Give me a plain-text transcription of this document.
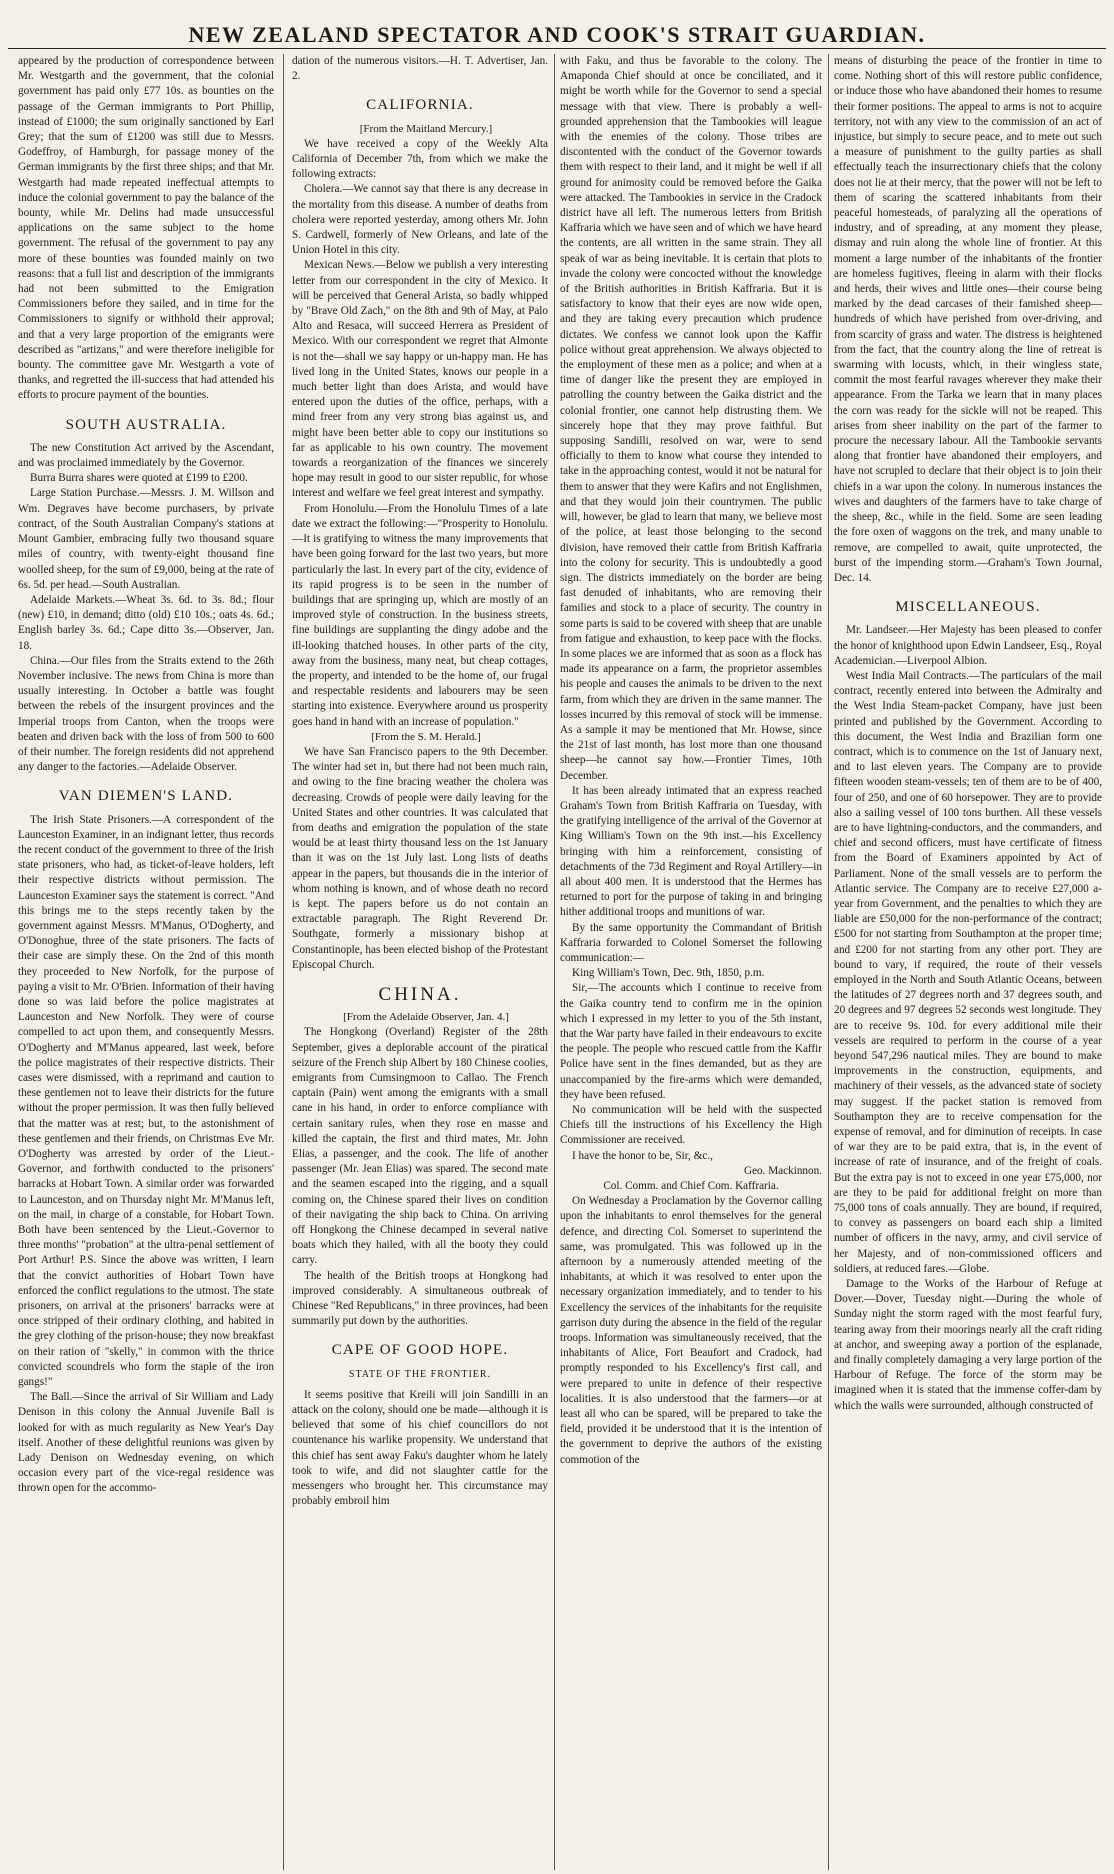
NEW ZEALAND SPECTATOR AND COOK'S STRAIT GUARDIAN.

appeared by the production of correspondence between Mr. Westgarth and the government, that the colonial government has paid only £77 10s. as bounties on the passage of the German immigrants to Port Phillip, instead of £1000; the sum originally sanctioned by Earl Grey; that the sum of £1200 was still due to Messrs. Godeffroy, of Hamburgh, for passage money of the German immigrants by the first three ships; and that Mr. Westgarth had made repeated ineffectual attempts to induce the colonial government to pay the balance of the bounty, while Mr. Delins had made unsuccessful applications on the same subject to the home government. The refusal of the government to pay any more of these bounties was founded mainly on two reasons: that a full list and description of the immigrants had not been submitted to the Emigration Commissioners before they sailed, and in time for the Commissioners to signify or withhold their approval; and that a very large proportion of the emigrants were described as "artizans," and were therefore ineligible for bounty. The committee gave Mr. Westgarth a vote of thanks, and regretted the ill-success that had attended his efforts to procure payment of the bounties.

SOUTH AUSTRALIA.

The new Constitution Act arrived by the Ascendant, and was proclaimed immediately by the Governor.

Burra Burra shares were quoted at £199 to £200.

Large Station Purchase.—Messrs. J. M. Willson and Wm. Degraves have become purchasers, by private contract, of the South Australian Company's stations at Mount Gambier, embracing fully two thousand square miles of country, with twenty-eight thousand fine woolled sheep, for the sum of £9,000, being at the rate of 6s. 5d. per head.—South Australian.

Adelaide Markets.—Wheat 3s. 6d. to 3s. 8d.; flour (new) £10, in demand; ditto (old) £10 10s.; oats 4s. 6d.; English barley 3s. 6d.; Cape ditto 3s.—Observer, Jan. 18.

China.—Our files from the Straits extend to the 26th November inclusive. The news from China is more than usually interesting. In October a battle was fought between the rebels of the insurgent provinces and the Imperial troops from Canton, when the troops were beaten and driven back with the loss of from 500 to 600 of their number. The foreign residents did not apprehend any danger to the factories.—Adelaide Observer.

VAN DIEMEN'S LAND.

The Irish State Prisoners.—A correspondent of the Launceston Examiner, in an indignant letter, thus records the recent conduct of the government to three of the Irish state prisoners, who had, as ticket-of-leave holders, left their respective districts without permission. The Launceston Examiner says the statement is correct. "And this brings me to the steps recently taken by the government against Messrs. M'Manus, O'Dogherty, and O'Donoghue, three of the state prisoners. The facts of their case are simply these. On the 2nd of this month they proceeded to New Norfolk, for the purpose of paying a visit to Mr. O'Brien. Information of their having done so was laid before the police magistrates at Launceston and New Norfolk. They were of course compelled to act upon them, and consequently Messrs. O'Dogherty and M'Manus appeared, last week, before the police magistrates of their respective districts. Their cases were dismissed, with a reprimand and caution to these gentlemen not to leave their districts for the future without the proper permission. It was then fully believed that the matter was at rest; but, to the astonishment of these gentlemen and their friends, on Christmas Eve Mr. O'Dogherty was arrested by order of the Lieut.-Governor, and forthwith conducted to the prisoners' barracks at Hobart Town. A similar order was forwarded to Launceston, and on Thursday night Mr. M'Manus left, on the mail, in charge of a constable, for Hobart Town. Both have been sentenced by the Lieut.-Governor to three months' "probation" at the ultra-penal settlement of Port Arthur! P.S. Since the above was written, I learn that the convict authorities of Hobart Town have enforced the conflict regulations to the utmost. The state prisoners, on arrival at the prisoners' barracks were at once stripped of their ordinary clothing, and habited in the grey clothing of the prison-house; they now breakfast on their ration of "skelly," in common with the thrice convicted scoundrels who form the staple of the iron gangs!"

The Ball.—Since the arrival of Sir William and Lady Denison in this colony the Annual Juvenile Ball is looked for with as much regularity as New Year's Day itself. Another of these delightful reunions was given by Lady Denison on Wednesday evening, on which occasion every part of the vice-regal residence was thrown open for the accommo-

dation of the numerous visitors.—H. T. Advertiser, Jan. 2.

CALIFORNIA.

[From the Maitland Mercury.]

We have received a copy of the Weekly Alta California of December 7th, from which we make the following extracts:

Cholera.—We cannot say that there is any decrease in the mortality from this disease. A number of deaths from cholera were reported yesterday, among others Mr. John S. Cardwell, formerly of New Orleans, and late of the Union Hotel in this city.

Mexican News.—Below we publish a very interesting letter from our correspondent in the city of Mexico. It will be perceived that General Arista, so badly whipped by "Brave Old Zach," on the 8th and 9th of May, at Palo Alto and Resaca, will succeed Herrera as President of Mexico. With our correspondent we regret that Almonte is not the—shall we say happy or un-happy man. He has lived long in the United States, knows our people in a much better light than does Arista, and would have entered upon the duties of the office, perhaps, with a mind freer from any very strong bias against us, and might have been better able to copy our institutions so far as applicable to his own country. The movement towards a reorganization of the finances we sincerely hope may result in good to our sister republic, for whose interest and welfare we feel great interest and sympathy.

From Honolulu.—From the Honolulu Times of a late date we extract the following:—"Prosperity to Honolulu.—It is gratifying to witness the many improvements that have been going forward for the last two years, but more particularly the last. In every part of the city, evidence of its rapid progress is to be seen in the number of buildings that are springing up, which are mostly of an improved style of construction. In the business streets, fine buildings are supplanting the dingy adobe and the ill-looking thatched houses. In other parts of the city, away from the business, many neat, but cheap cottages, the property, and intended to be the home of, our frugal and respectable residents and labourers may be seen starting into existence. Everywhere around us prosperity goes hand in hand with an increase of population."

[From the S. M. Herald.]

We have San Francisco papers to the 9th December. The winter had set in, but there had not been much rain, and owing to the fine bracing weather the cholera was decreasing. Crowds of people were daily leaving for the United States and other countries. It was calculated that from deaths and emigration the population of the state would be at least thirty thousand less on the 1st January than it was on the 1st July last. Long lists of deaths appear in the papers, but thousands die in the interior of whom nothing is known, and of whose death no record is kept. The papers before us do not contain an extractable paragraph. The Right Reverend Dr. Southgate, formerly a missionary bishop at Constantinople, has been elected bishop of the Protestant Episcopal Church.

CHINA.

[From the Adelaide Observer, Jan. 4.]

The Hongkong (Overland) Register of the 28th September, gives a deplorable account of the piratical seizure of the French ship Albert by 180 Chinese coolies, emigrants from Cumsingmoon to Callao. The French captain (Pain) went among the emigrants with a small cane in his hand, in order to enforce compliance with certain sanitary rules, when they rose en masse and killed the captain, the first and third mates, Mr. John Elias, a passenger, and the cook. The life of another passenger (Mr. Jean Elias) was spared. The second mate and the seamen escaped into the rigging, and a squall coming on, the Chinese spared their lives on condition of their navigating the ship back to China. On arriving off Hongkong the Chinese decamped in several native boats which they hailed, with all the booty they could carry.

The health of the British troops at Hongkong had improved considerably. A simultaneous outbreak of Chinese "Red Republicans," in three provinces, had been summarily put down by the authorities.

CAPE OF GOOD HOPE.
STATE OF THE FRONTIER.

It seems positive that Kreili will join Sandilli in an attack on the colony, should one be made—although it is believed that some of his chief councillors do not countenance his warlike propensity. We understand that this chief has sent away Faku's daughter whom he lately took to wife, and did not slaughter cattle for the messengers who brought her. This circumstance may probably embroil him

with Faku, and thus be favorable to the colony. The Amaponda Chief should at once be conciliated, and it might be worth while for the Governor to send a special message with that view. There is probably a well-grounded apprehension that the Tambookies will league with the enemies of the colony. Those tribes are discontented with the conduct of the Governor towards them with respect to their land, and it might be well if all ground for animosity could be removed before the Gaika were attacked. The Tambookies in service in the Cradock district have all left. The numerous letters from British Kaffraria which we have seen and of which we have heard the contents, are all written in the same strain. They all speak of war as being inevitable. It is certain that plots to invade the colony were concocted without the knowledge of the British authorities in British Kaffraria. But it is satisfactory to know that their eyes are now wide open, and they are taking every precaution which prudence dictates. We confess we cannot look upon the Kaffir police without great apprehension. We always objected to the employment of these men as a police; and when at a time of danger like the present they are employed in patrolling the country between the Gaika district and the colonial frontier, one cannot help distrusting them. We sincerely hope that they may prove faithful. But supposing Sandilli, resolved on war, were to send officially to them to know what course they intended to take in the approaching contest, would it not be natural for them to answer that they were Kafirs and not Englishmen, and that they would join their countrymen. The public will, however, be glad to learn that many, we believe most of the police, at least those belonging to the second division, have removed their cattle from British Kaffraria into the colony for security. This is undoubtedly a good sign. The districts immediately on the border are being fast denuded of inhabitants, who are removing their families and stock to a place of security. The country in some parts is said to be covered with sheep that are unable from fatigue and exhaustion, to keep pace with the flocks. In some places we are informed that as soon as a flock has made its appearance on a farm, the proprietor assembles his people and causes the animals to be driven to the next farm, from which they are driven in the same manner. The losses incurred by this removal of stock will be immense. As a sample it may be mentioned that Mr. Howse, since the 21st of last month, has lost more than one thousand sheep—he cannot say how.—Frontier Times, 10th December.

It has been already intimated that an express reached Graham's Town from British Kaffraria on Tuesday, with the gratifying intelligence of the arrival of the Governor at King William's Town on the 9th inst.—his Excellency bringing with him a reinforcement, consisting of detachments of the 73d Regiment and Royal Artillery—in all about 400 men. It is understood that the Hermes has returned to port for the purpose of taking in and bringing hither additional troops and munitions of war.

By the same opportunity the Commandant of British Kaffraria forwarded to Colonel Somerset the following communication:—

King William's Town, Dec. 9th, 1850, p.m.

Sir,—The accounts which I continue to receive from the Gaika country tend to confirm me in the opinion which I expressed in my letter to you of the 5th instant, that the War party have failed in their endeavours to excite the people. The people who rescued cattle from the Kaffir Police have sent in the fines demanded, but as they are unaccompanied by the fire-arms which were demanded, they have been refused.

No communication will be held with the suspected Chiefs till the instructions of his Excellency the High Commissioner are received.

I have the honor to be, Sir, &c.,

Geo. Mackinnon.

Col. Comm. and Chief Com. Kaffraria.

On Wednesday a Proclamation by the Governor calling upon the inhabitants to enrol themselves for the general defence, and directing Col. Somerset to superintend the same, was promulgated. This was followed up in the afternoon by a numerously attended meeting of the inhabitants, at which it was resolved to enter upon the necessary organization immediately, and to tender to his Excellency the services of the inhabitants for the requisite garrison duty during the absence in the field of the regular troops. Information was simultaneously received, that the inhabitants of Alice, Fort Beaufort and Cradock, had promptly responded to his Excellency's first call, and were prepared to unite in defence of their respective localities. It is also understood that the farmers—or at least all who can be spared, will be prepared to take the field, provided it be understood that it is the intention of the government to deprive the authors of the existing commotion of the

means of disturbing the peace of the frontier in time to come. Nothing short of this will restore public confidence, or induce those who have abandoned their homes to resume their former positions. The appeal to arms is not to acquire territory, not with any view to the commission of an act of injustice, but simply to secure peace, and to mete out such a measure of punishment to the guilty parties as shall effectually teach the insurrectionary chiefs that the colony does not lie at their mercy, that the power will not be left to them of scaring the scattered inhabitants from their peaceful homesteads, of paralyzing all the operations of industry, and of spreading, at any moment they please, dismay and ruin along the whole line of frontier. At this moment a large number of the inhabitants of the frontier are homeless fugitives, fleeing in alarm with their flocks and herds, their wives and little ones—their course being marked by the dead carcases of their famished sheep—hundreds of which have perished from over-driving, and from scarcity of grass and water. The distress is heightened from the fact, that the country along the line of retreat is swarming with locusts, which, in their wingless state, commit the most fearful ravages wherever they make their appearance. From the Tarka we learn that in many places the corn was ready for the sickle will not be reaped. This arises from sheer inability on the part of the farmer to procure the necessary labour. All the Tambookie servants along that frontier have abandoned their employers, and have not scrupled to declare that their object is to join their chiefs in a war upon the colony. In numerous instances the wives and daughters of the farmers have to take charge of the sheep, &c., while in the field. Some are seen leading the fore oxen of waggons on the trek, and many unable to remove, are compelled to await, quite unprotected, the burst of the impending storm.—Graham's Town Journal, Dec. 14.

MISCELLANEOUS.

Mr. Landseer.—Her Majesty has been pleased to confer the honor of knighthood upon Edwin Landseer, Esq., Royal Academician.—Liverpool Albion.

West India Mail Contracts.—The particulars of the mail contract, recently entered into between the Admiralty and the West India Steam-packet Company, have just been printed and published by the Government. According to this document, the West India and Brazilian form one contract, which is to commence on the 1st of January next, and to last eleven years. The Company are to provide fifteen wooden steam-vessels; ten of them are to be of 400, four of 250, and one of 60 horsepower. They are to provide also a sailing vessel of 100 tons burthen. All these vessels are to have lightning-conductors, and the commanders, and chief and second officers, must have certificate of fitness from the Board of Examiners appointed by Act of Parliament. None of the small vessels are to perform the Atlantic service. The Company are to receive £27,000 a-year from Government, and the penalties to which they are liable are £50,000 for the non-performance of the contract; £500 for not starting from Southampton at the proper time; and £200 for not starting from any other port. They are bound to vary, if required, the route of their vessels employed in the North and South Atlantic Oceans, between the latitudes of 27 degrees north and 37 degrees south, and 20 degrees and 97 degrees 52 seconds west longitude. They are to receive 9s. 10d. for every additional mile their vessels are required to perform in the course of a year beyond 547,296 nautical miles. They are bound to make improvements in the construction, equipments, and machinery of their vessels, as the advanced state of society may suggest. If the packet station is removed from Southampton they are to receive compensation for the expense of removal, and for diminution of receipts. In case of war they are to be paid extra, that is, in the event of increase of rate of insurance, and of the freight of coals. But the extra pay is not to exceed in one year £75,000, nor are they to be paid for additional freight on more than 75,000 tons of coals annually. They are bound, if required, to convey as passengers on board each ship a limited number of officers in the navy, army, and civil service of her Majesty, and of non-commissioned officers and soldiers, at reduced fares.—Globe.

Damage to the Works of the Harbour of Refuge at Dover.—Dover, Tuesday night.—During the whole of Sunday night the storm raged with the most fearful fury, tearing away from their moorings nearly all the craft riding at anchor, and sweeping away a portion of the esplanade, and finally completely damaging a very large portion of the Harbour of Refuge. The force of the storm may be imagined when it is stated that the immense coffer-dam by which the walls were surrounded, although constructed of
